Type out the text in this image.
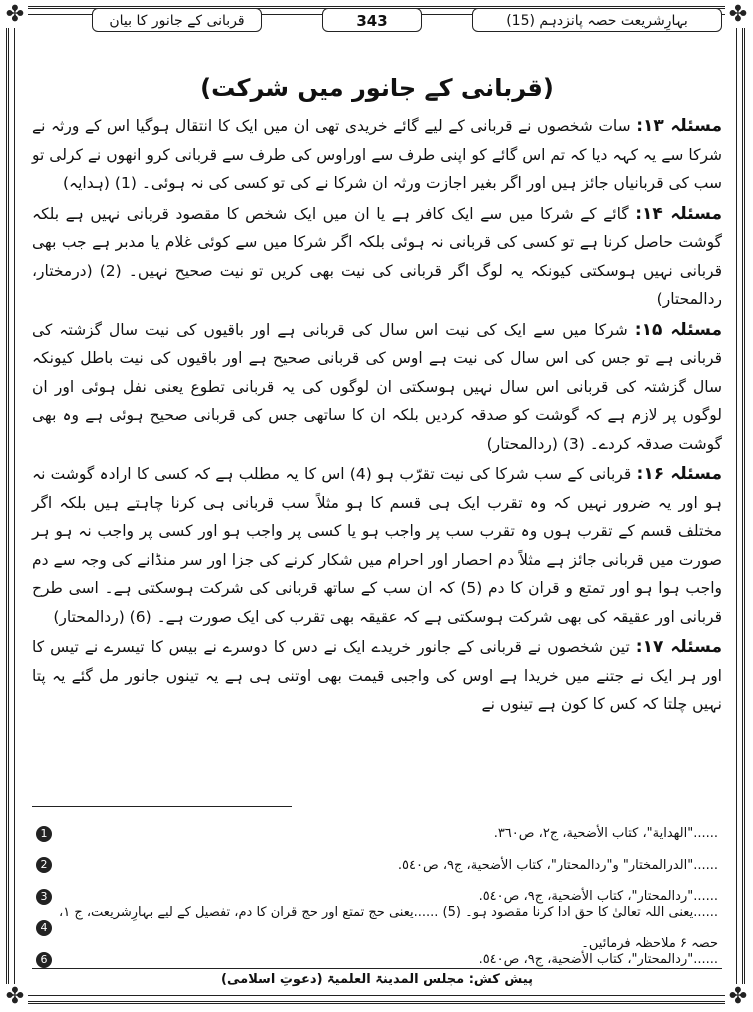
✤	✤
✤	✤
بہارِشریعت حصہ پانزدہم (15)
343
قربانی کے جانور کا بیان
(قربانی کے جانور میں شرکت)

مسئلہ ۱۳: سات شخصوں نے قربانی کے لیے گائے خریدی تھی ان میں ایک کا انتقال ہوگیا اس کے ورثہ نے شرکا سے یہ کہہ دیا کہ تم اس گائے کو اپنی طرف سے اوراوس کی طرف سے قربانی کرو انھوں نے کرلی تو سب کی قربانیاں جائز ہیں اور اگر بغیر اجازت ورثہ ان شرکا نے کی تو کسی کی نہ ہوئی۔ (1) (ہدایہ)

مسئلہ ۱۴: گائے کے شرکا میں سے ایک کافر ہے یا ان میں ایک شخص کا مقصود قربانی نہیں ہے بلکہ گوشت حاصل کرنا ہے تو کسی کی قربانی نہ ہوئی بلکہ اگر شرکا میں سے کوئی غلام یا مدبر ہے جب بھی قربانی نہیں ہوسکتی کیونکہ یہ لوگ اگر قربانی کی نیت بھی کریں تو نیت صحیح نہیں۔ (2) (درمختار، ردالمحتار)

مسئلہ ۱۵: شرکا میں سے ایک کی نیت اس سال کی قربانی ہے اور باقیوں کی نیت سال گزشتہ کی قربانی ہے تو جس کی اس سال کی نیت ہے اوس کی قربانی صحیح ہے اور باقیوں کی نیت باطل کیونکہ سال گزشتہ کی قربانی اس سال نہیں ہوسکتی ان لوگوں کی یہ قربانی تطوع یعنی نفل ہوئی اور ان لوگوں پر لازم ہے کہ گوشت کو صدقہ کردیں بلکہ ان کا ساتھی جس کی قربانی صحیح ہوئی ہے وہ بھی گوشت صدقہ کردے۔ (3) (ردالمحتار)

مسئلہ ۱۶: قربانی کے سب شرکا کی نیت تقرّب ہو (4) اس کا یہ مطلب ہے کہ کسی کا ارادہ گوشت نہ ہو اور یہ ضرور نہیں کہ وہ تقرب ایک ہی قسم کا ہو مثلاً سب قربانی ہی کرنا چاہتے ہیں بلکہ اگر مختلف قسم کے تقرب ہوں وہ تقرب سب پر واجب ہو یا کسی پر واجب ہو اور کسی پر واجب نہ ہو ہر صورت میں قربانی جائز ہے مثلاً دم احصار اور احرام میں شکار کرنے کی جزا اور سر منڈانے کی وجہ سے دم واجب ہوا ہو اور تمتع و قران کا دم (5) کہ ان سب کے ساتھ قربانی کی شرکت ہوسکتی ہے۔ اسی طرح قربانی اور عقیقہ کی بھی شرکت ہوسکتی ہے کہ عقیقہ بھی تقرب کی ایک صورت ہے۔ (6) (ردالمحتار)

مسئلہ ۱۷: تین شخصوں نے قربانی کے جانور خریدے ایک نے دس کا دوسرے نے بیس کا تیسرے نے تیس کا اور ہر ایک نے جتنے میں خریدا ہے اوس کی واجبی قیمت بھی اوتنی ہی ہے یہ تینوں جانور مل گئے یہ پتا نہیں چلتا کہ کس کا کون ہے تینوں نے

......"الهداية"، كتاب الأضحية، ج٢، ص٣٦٠.
1
......"الدرالمختار" و"ردالمحتار"، كتاب الأضحية، ج٩، ص٥٤٠.
2
......"ردالمحتار"، كتاب الأضحية، ج٩، ص٥٤٠.
3
......یعنی اللہ تعالیٰ کا حق ادا کرنا مقصود ہو۔ (5) ......یعنی حج تمتع اور حج قران کا دم، تفصیل کے لیے بہارِشریعت، ج ۱، حصہ ۶ ملاحظہ فرمائیں۔
4
......"ردالمحتار"، كتاب الأضحية، ج٩، ص٥٤٠.
6
پیش کش: مجلس المدینۃ العلمیۃ (دعوتِ اسلامی)
